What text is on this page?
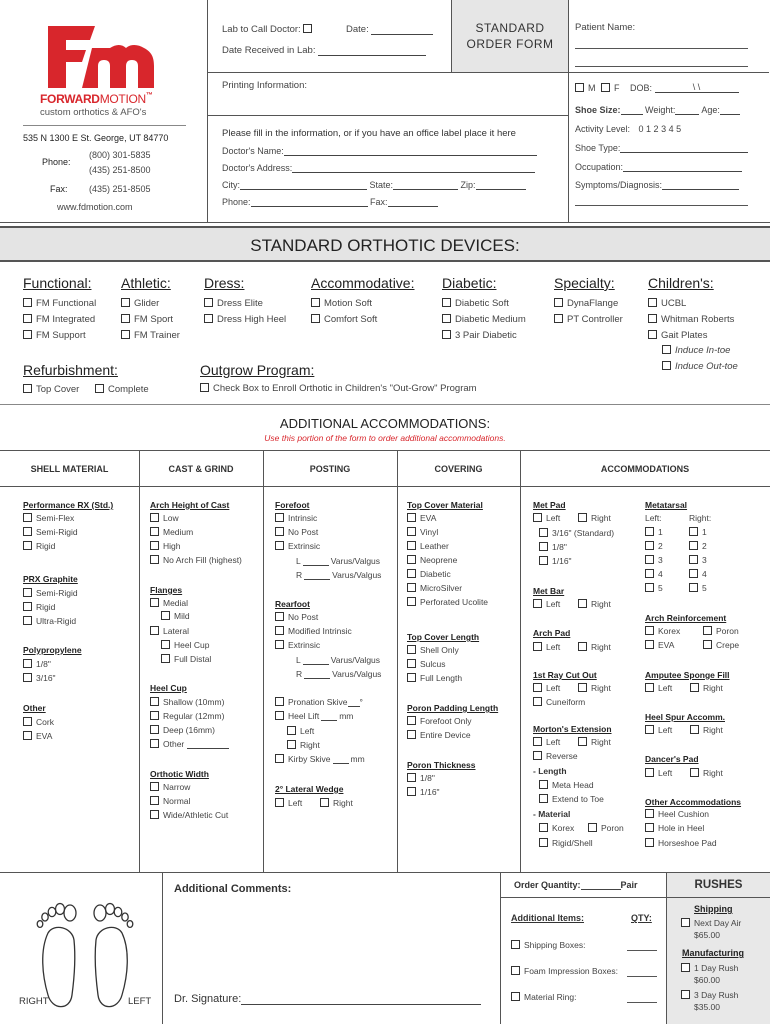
FORWARDMOTION™
custom orthotics & AFO's
535 N 1300 E St. George, UT 84770
Phone:
(800) 301-5835
(435) 251-8500
Fax: (435) 251-8505
www.fdmotion.com
Lab to Call Doctor:	Date:
Date Received in Lab:
STANDARD
ORDER FORM
Patient Name:
Printing Information:	M F DOB:	\ \
Shoe Size:	Weight:	Age:
Activity Level: 0 1 2 3 4 5
Shoe Type:
Occupation:
Symptoms/Diagnosis:
Please fill in the information, or if you have an office label place it here
Doctor's Name:
Doctor's Address:
City:	State:	Zip:
Phone:	Fax:
STANDARD ORTHOTIC DEVICES:
Functional:
FM Functional
FM Integrated
FM Support
Athletic:
Glider
FM Sport
FM Trainer
Dress:
Dress Elite
Dress High Heel
Accommodative:
Motion Soft
Comfort Soft
Diabetic:
Diabetic Soft
Diabetic Medium
3 Pair Diabetic
Specialty:
DynaFlange
PT Controller
Children's:
UCBL
Whitman Roberts
Gait Plates
Induce In-toe
Induce Out-toe
Refurbishment:
Top Cover	Complete
Outgrow Program:
Check Box to Enroll Orthotic in Children's "Out-Grow" Program
ADDITIONAL ACCOMMODATIONS:
Use this portion of the form to order additional accommodations.
SHELL MATERIAL	CAST & GRIND	POSTING	COVERING	ACCOMMODATIONS
Performance RX (Std.)
Semi-Flex
Semi-Rigid
Rigid
PRX Graphite
Semi-Rigid
Rigid
Ultra-Rigid
Polypropylene
1/8"
3/16"
Other
Cork
EVA
Arch Height of Cast
Low
Medium
High
No Arch Fill (highest)
Flanges
Medial
Mild
Lateral
Heel Cup
Full Distal
Heel Cup
Shallow (10mm)
Regular (12mm)
Deep (16mm)
Other
Orthotic Width
Narrow
Normal
Wide/Athletic Cut
Forefoot
Intrinsic
No Post
Extrinsic
L	Varus/Valgus
R	Varus/Valgus
Rearfoot
No Post
Modified Intrinsic
Extrinsic
L	Varus/Valgus
R	Varus/Valgus
Pronation Skive °
Heel Lift mm
Left
Right
Kirby Skive mm
2° Lateral Wedge
Left	Right
Top Cover Material
EVA
Vinyl
Leather
Neoprene
Diabetic
MicroSilver
Perforated Ucolite
Top Cover Length
Shell Only
Sulcus
Full Length
Poron Padding Length
Forefoot Only
Entire Device
Poron Thickness
1/8"
1/16"
Met Pad
Left	Right
3/16" (Standard)
1/8"
1/16"
Met Bar
Left	Right
Arch Pad
Left	Right
1st Ray Cut Out
Left	Right
Cuneiform
Morton's Extension
Left	Right
Reverse
- Length
Meta Head
Extend to Toe
- Material
Korex	Poron
Rigid/Shell
Metatarsal
Left:	Right:
1	1
2	2
3	3
4	4
5	5
Arch Reinforcement
Korex	Poron
EVA	Crepe
Amputee Sponge Fill
Left	Right
Heel Spur Accomm.
Left	Right
Dancer's Pad
Left	Right
Other Accommodations
Heel Cushion
Hole in Heel
Horseshoe Pad
RIGHT	LEFT
Additional Comments:
Dr. Signature:
Order Quantity:	Pair
Additional Items:	QTY:
Shipping Boxes:
Foam Impression Boxes:
Material Ring:
RUSHES
Shipping
Next Day Air
$65.00
Manufacturing
1 Day Rush
$60.00
3 Day Rush
$35.00
